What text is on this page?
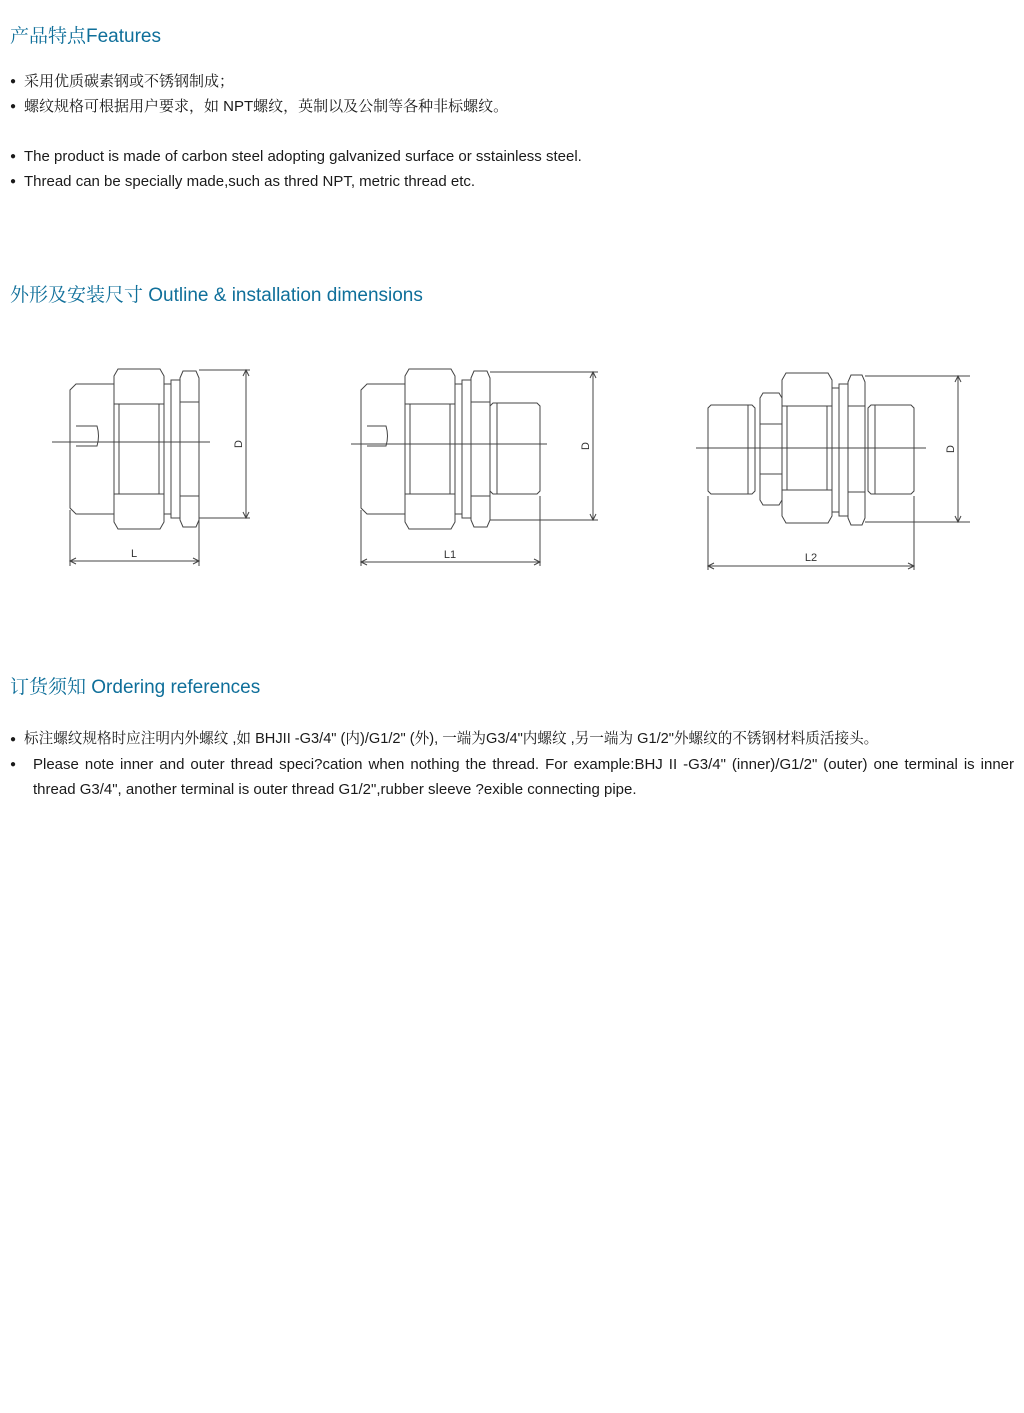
产品特点Features
● 采用优质碳素钢或不锈钢制成；
● 螺纹规格可根据用户要求，如 NPT螺纹，英制以及公制等各种非标螺纹。
● The product is made of carbon steel adopting galvanized surface or sstainless steel.
● Thread can be specially made,such as thred NPT, metric thread etc.
外形及安装尺寸 Outline & installation dimensions
L
D
L1
D
L2
D
订货须知 Ordering references
● 标注螺纹规格时应注明内外螺纹 ,如 BHJII -G3/4" (内)/G1/2" (外), 一端为G3/4"内螺纹 ,另一端为 G1/2"外螺纹的不锈钢材料质活接头。
● Please note inner and outer thread speci?cation when nothing the thread. For example:BHJ II -G3/4" (inner)/G1/2" (outer) one terminal is inner thread G3/4", another terminal is outer thread G1/2",rubber sleeve ?exible connecting pipe.
